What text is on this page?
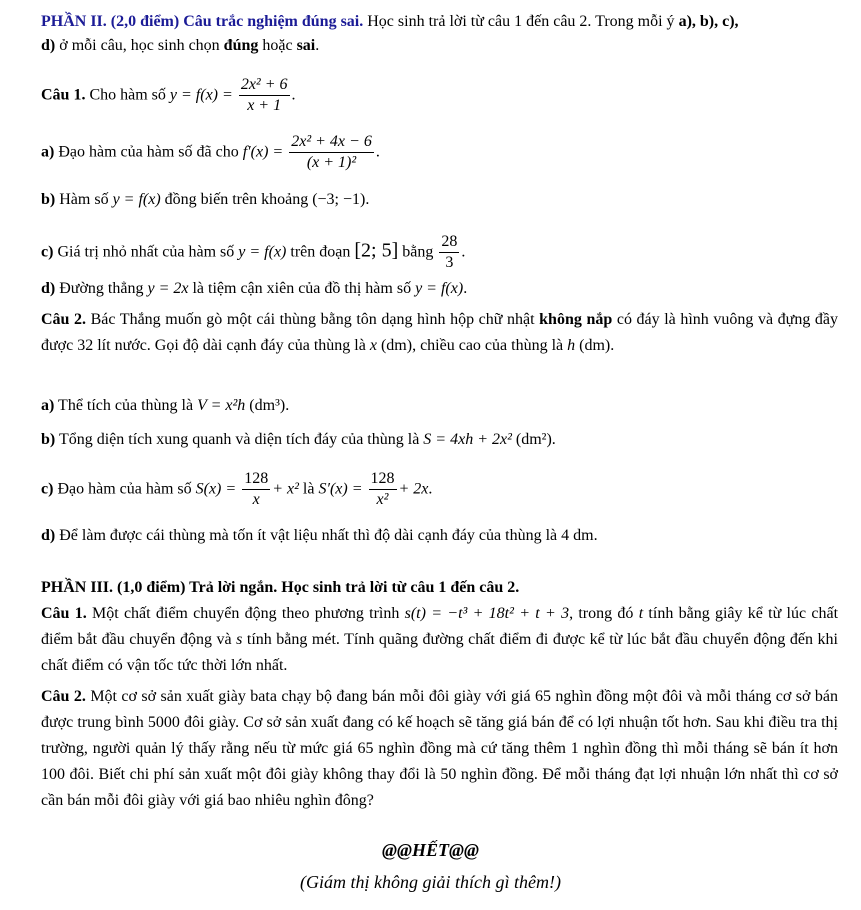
PHẦN II. (2,0 điểm) Câu trắc nghiệm đúng sai. Học sinh trả lời từ câu 1 đến câu 2. Trong mỗi ý a), b), c),
d) ở mỗi câu, học sinh chọn đúng hoặc sai.
Câu 1. Cho hàm số $y = f(x) = \frac{\text{2x² + 6}}{x + 1}$ .
a) Đạo hàm của hàm số đã cho $f'(x) = \frac{\text{2x² + 4x − 6}}{\text{(x + 1)²}}$ .
b) Hàm số y = f(x) đồng biến trên khoảng (−3; −1).
c) Giá trị nhỏ nhất của hàm số y = f(x) trên đoạn [2; 5] bằng $\frac{28}{3}$ .
d) Đường thẳng y = 2x là tiệm cận xiên của đồ thị hàm số y = f(x).
Câu 2. Bác Thắng muốn gò một cái thùng bằng tôn dạng hình hộp chữ nhật không nắp có đáy là hình vuông và đựng đầy được 32 lít nước. Gọi độ dài cạnh đáy của thùng là x (dm), chiều cao của thùng là h (dm).
a) Thể tích của thùng là V = x²h (dm³).
b) Tổng diện tích xung quanh và diện tích đáy của thùng là S = 4xh + 2x² (dm²).
c) Đạo hàm của hàm số $S(x) = \frac{128}{x} + x^2$ là $S'(x) = \frac{128}{\text{x²}} + 2x$.
d) Để làm được cái thùng mà tốn ít vật liệu nhất thì độ dài cạnh đáy của thùng là 4 dm.
PHẦN III. (1,0 điểm) Trả lời ngắn. Học sinh trả lời từ câu 1 đến câu 2.
Câu 1. Một chất điểm chuyển động theo phương trình s(t) = −t³ + 18t² + t + 3, trong đó t tính bằng giây kể từ lúc chất điểm bắt đầu chuyển động và s tính bằng mét. Tính quãng đường chất điểm đi được kể từ lúc bắt đầu chuyển động đến khi chất điểm có vận tốc tức thời lớn nhất.
Câu 2. Một cơ sở sản xuất giày bata chạy bộ đang bán mỗi đôi giày với giá 65 nghìn đồng một đôi và mỗi tháng cơ sở bán được trung bình 5000 đôi giày. Cơ sở sản xuất đang có kế hoạch sẽ tăng giá bán để có lợi nhuận tốt hơn. Sau khi điều tra thị trường, người quản lý thấy rằng nếu từ mức giá 65 nghìn đồng mà cứ tăng thêm 1 nghìn đồng thì mỗi tháng sẽ bán ít hơn 100 đôi. Biết chi phí sản xuất một đôi giày không thay đổi là 50 nghìn đồng. Để mỗi tháng đạt lợi nhuận lớn nhất thì cơ sở cần bán mỗi đôi giày với giá bao nhiêu nghìn đông?
@@HẾT@@
(Giám thị không giải thích gì thêm!)
